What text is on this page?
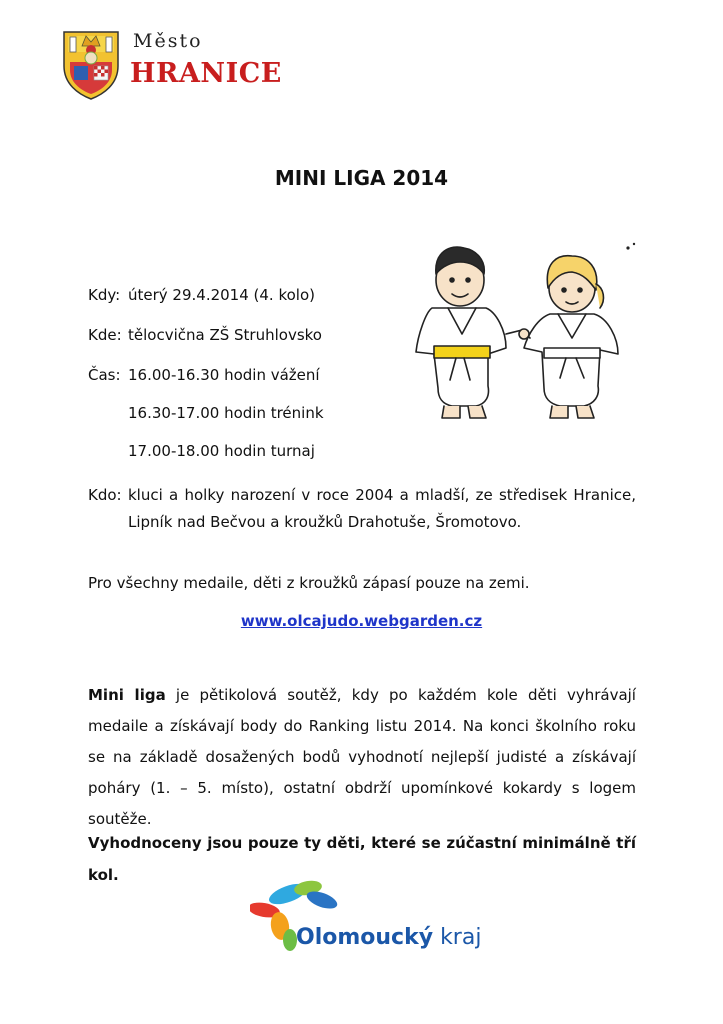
Město
HRANICE
MINI LIGA 2014
Kdy: úterý 29.4.2014 (4. kolo)
Kde: tělocvična ZŠ Struhlovsko
Čas: 16.00-16.30 hodin vážení
16.30-17.00 hodin trénink
17.00-18.00 hodin turnaj
Kdo: kluci a holky narození v roce 2004 a mladší, ze středisek Hranice, Lipník nad Bečvou a kroužků Drahotuše, Šromotovo.
Pro všechny medaile, děti z kroužků zápasí pouze na zemi.
www.olcajudo.webgarden.cz
Mini liga je pětikolová soutěž, kdy po každém kole děti vyhrávají medaile a získávají body do Ranking listu 2014. Na konci školního roku se na základě dosažených bodů vyhodnotí nejlepší judisté a získávají poháry (1. – 5. místo), ostatní obdrží upomínkové kokardy s logem soutěže.
Vyhodnoceny jsou pouze ty děti, které se zúčastní minimálně tří kol.
Olomoucký kraj
